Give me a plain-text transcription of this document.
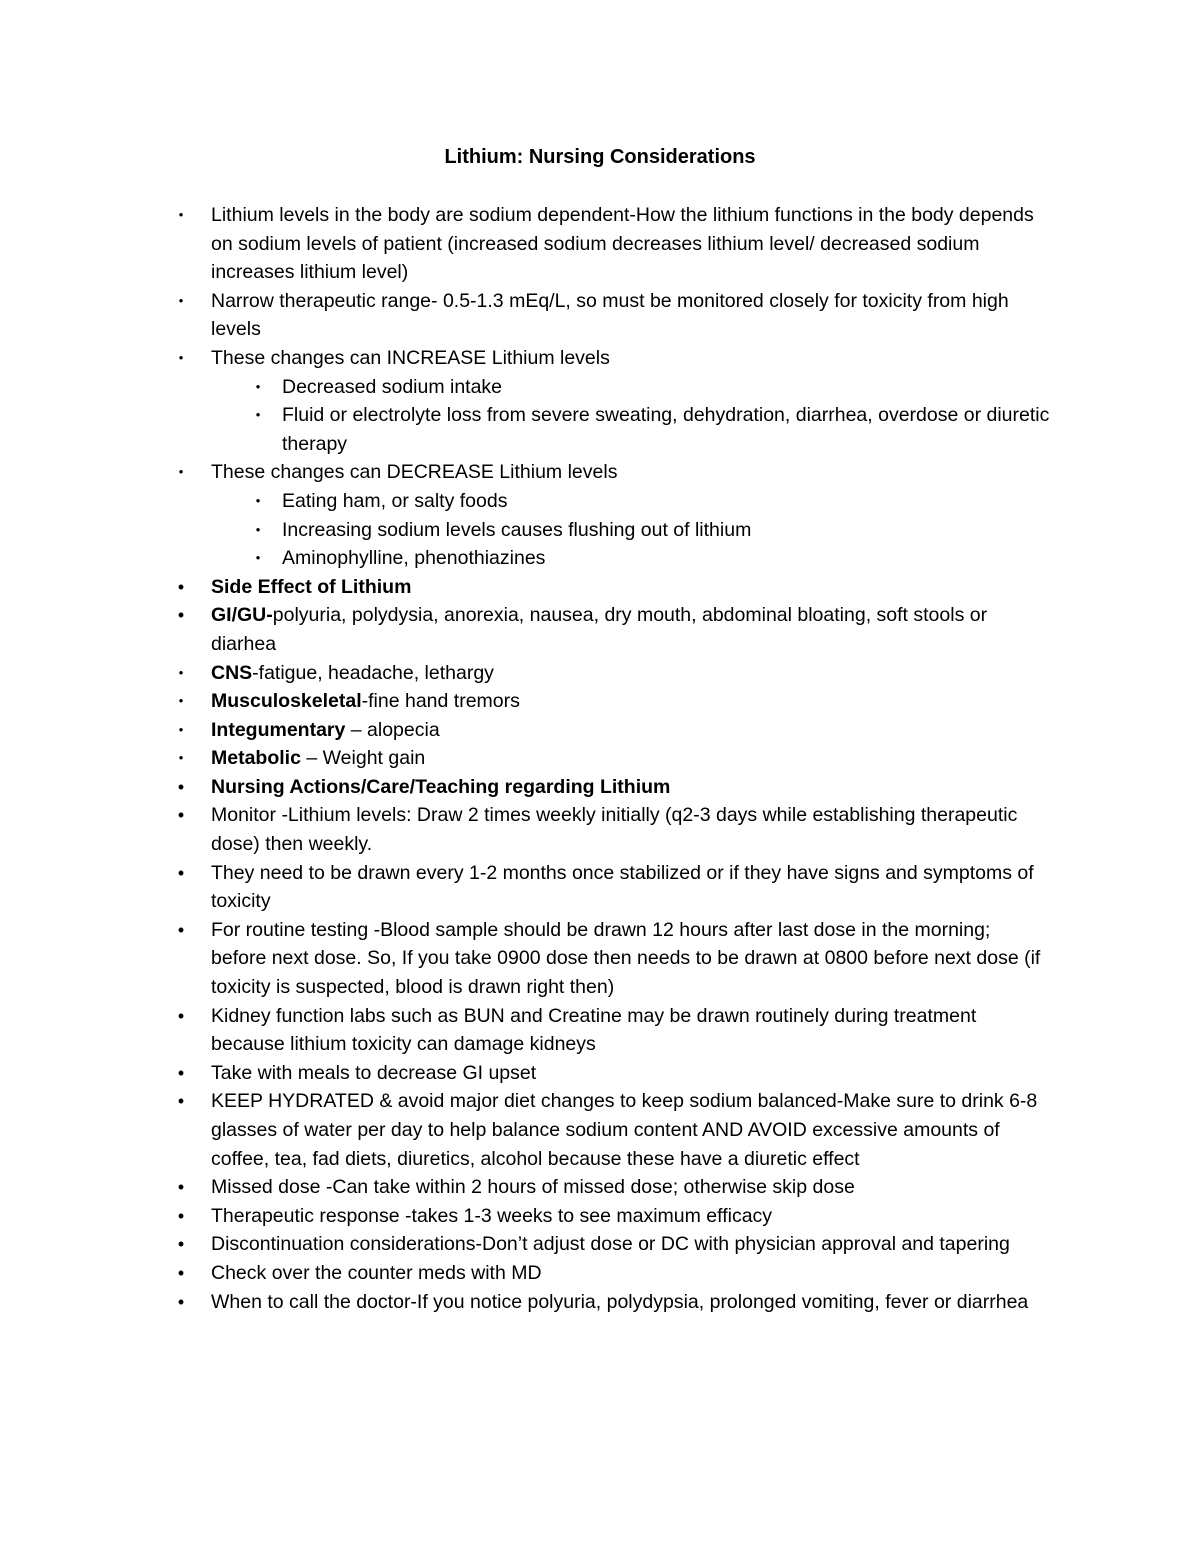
Lithium: Nursing Considerations
• Lithium levels in the body are sodium dependent-How the lithium functions in the body depends on sodium levels of patient (increased sodium decreases lithium level/ decreased sodium increases lithium level)
• Narrow therapeutic range- 0.5-1.3 mEq/L, so must be monitored closely for toxicity from high levels
• These changes can INCREASE Lithium levels
• Decreased sodium intake
• Fluid or electrolyte loss from severe sweating, dehydration, diarrhea, overdose or diuretic therapy
• These changes can DECREASE Lithium levels
• Eating ham, or salty foods
• Increasing sodium levels causes flushing out of lithium
• Aminophylline, phenothiazines
• Side Effect of Lithium
• GI/GU-polyuria, polydysia, anorexia, nausea, dry mouth, abdominal bloating, soft stools or diarhea
• CNS-fatigue, headache, lethargy
• Musculoskeletal-fine hand tremors
• Integumentary – alopecia
• Metabolic – Weight gain
• Nursing Actions/Care/Teaching regarding Lithium
• Monitor -Lithium levels: Draw 2 times weekly initially (q2-3 days while establishing therapeutic dose) then weekly.
• They need to be drawn every 1-2 months once stabilized or if they have signs and symptoms of toxicity
• For routine testing -Blood sample should be drawn 12 hours after last dose in the morning; before next dose. So, If you take 0900 dose then needs to be drawn at 0800 before next dose (if toxicity is suspected, blood is drawn right then)
• Kidney function labs such as BUN and Creatine may be drawn routinely during treatment because lithium toxicity can damage kidneys
• Take with meals to decrease GI upset
• KEEP HYDRATED & avoid major diet changes to keep sodium balanced-Make sure to drink 6-8 glasses of water per day to help balance sodium content AND AVOID excessive amounts of coffee, tea, fad diets, diuretics, alcohol because these have a diuretic effect
• Missed dose -Can take within 2 hours of missed dose; otherwise skip dose
• Therapeutic response -takes 1-3 weeks to see maximum efficacy
• Discontinuation considerations-Don’t adjust dose or DC with physician approval and tapering
• Check over the counter meds with MD
• When to call the doctor-If you notice polyuria, polydypsia, prolonged vomiting, fever or diarrhea
